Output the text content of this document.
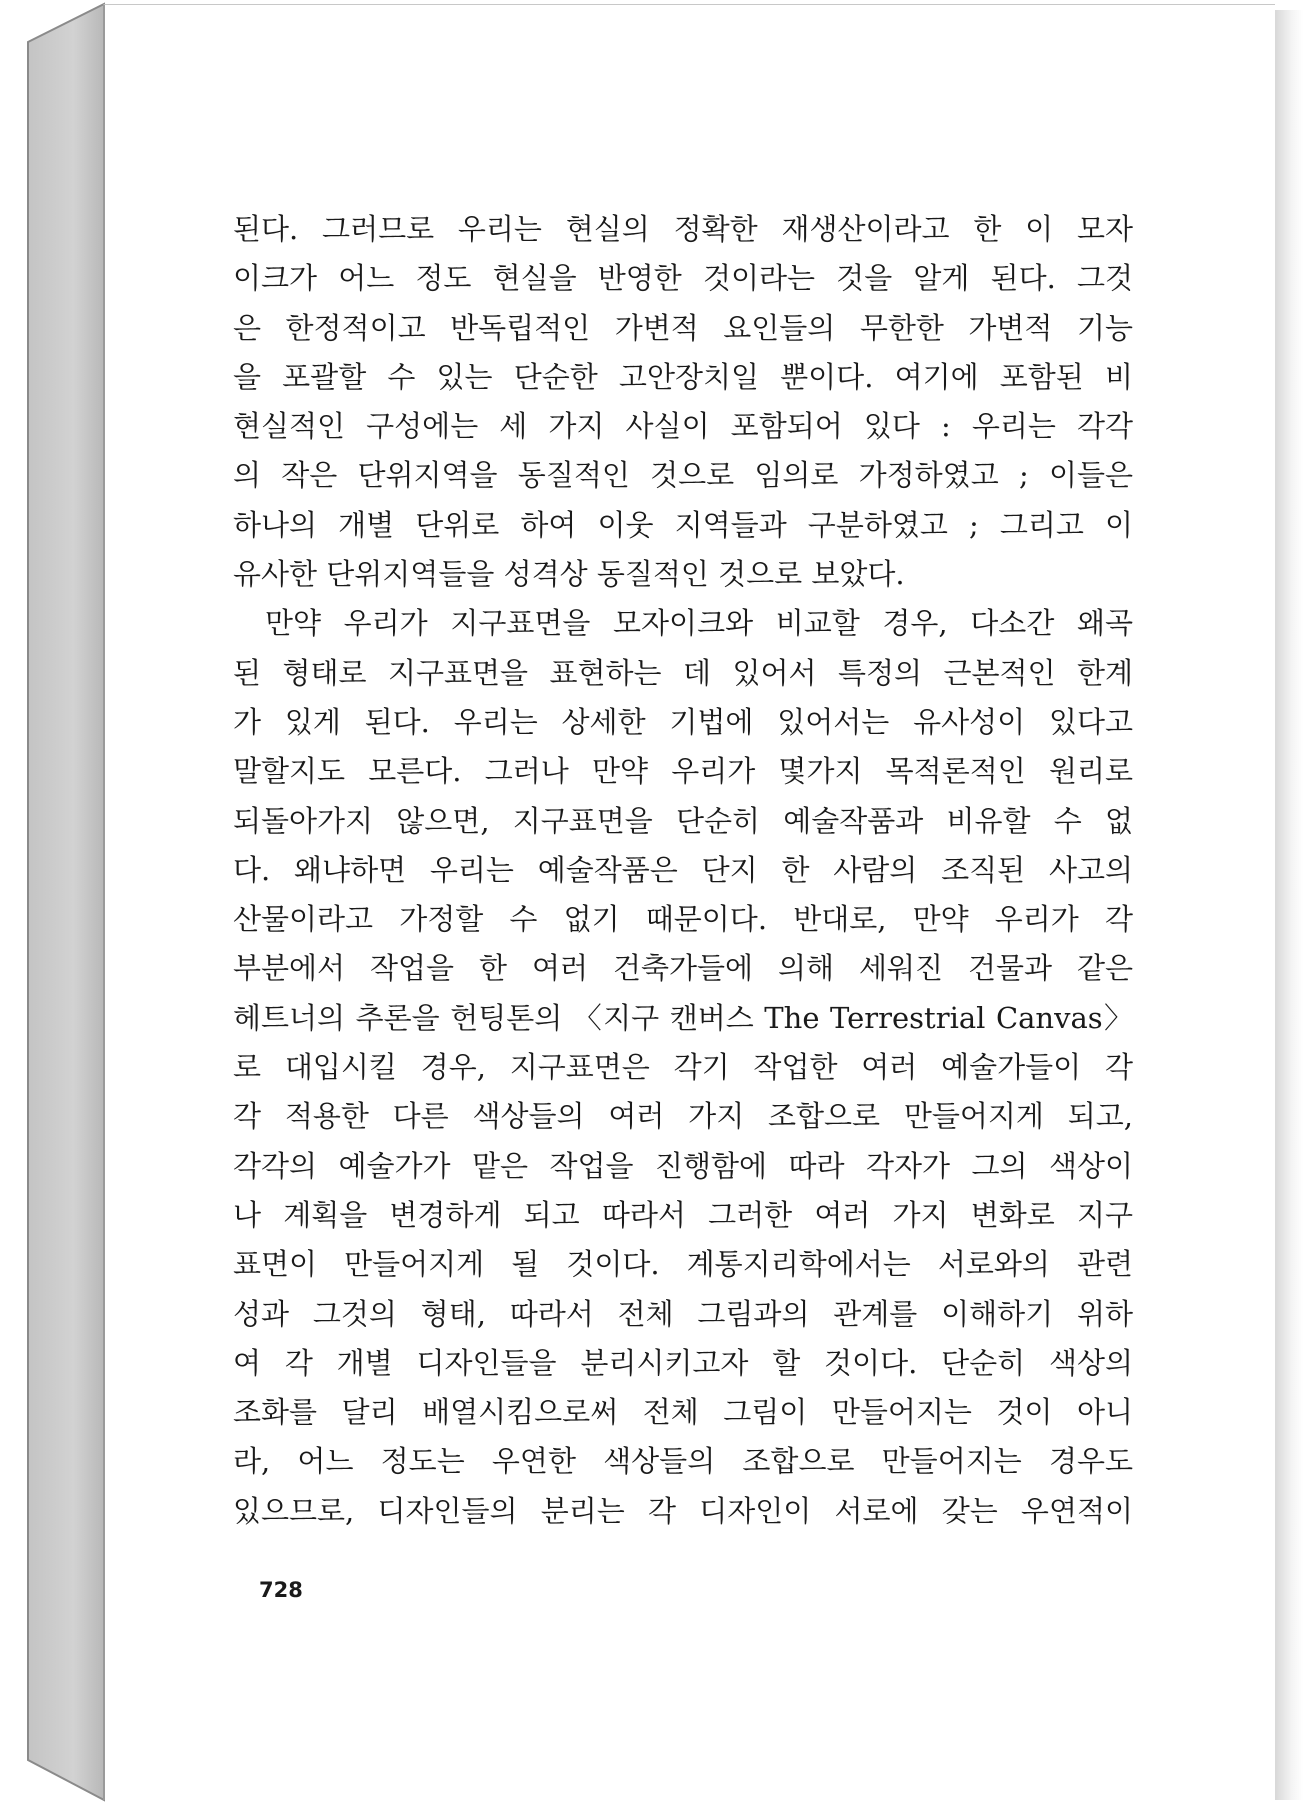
된다. 그러므로 우리는 현실의 정확한 재생산이라고 한 이 모자
이크가 어느 정도 현실을 반영한 것이라는 것을 알게 된다. 그것
은 한정적이고 반독립적인 가변적 요인들의 무한한 가변적 기능
을 포괄할 수 있는 단순한 고안장치일 뿐이다. 여기에 포함된 비
현실적인 구성에는 세 가지 사실이 포함되어 있다 : 우리는 각각
의 작은 단위지역을 동질적인 것으로 임의로 가정하였고 ; 이들은
하나의 개별 단위로 하여 이웃 지역들과 구분하였고 ; 그리고 이
유사한 단위지역들을 성격상 동질적인 것으로 보았다.
만약 우리가 지구표면을 모자이크와 비교할 경우, 다소간 왜곡
된 형태로 지구표면을 표현하는 데 있어서 특정의 근본적인 한계
가 있게 된다. 우리는 상세한 기법에 있어서는 유사성이 있다고
말할지도 모른다. 그러나 만약 우리가 몇가지 목적론적인 원리로
되돌아가지 않으면, 지구표면을 단순히 예술작품과 비유할 수 없
다. 왜냐하면 우리는 예술작품은 단지 한 사람의 조직된 사고의
산물이라고 가정할 수 없기 때문이다. 반대로, 만약 우리가 각
부분에서 작업을 한 여러 건축가들에 의해 세워진 건물과 같은
헤트너의 추론을 헌팅톤의 〈지구 캔버스 The Terrestrial Canvas〉
로 대입시킬 경우, 지구표면은 각기 작업한 여러 예술가들이 각
각 적용한 다른 색상들의 여러 가지 조합으로 만들어지게 되고,
각각의 예술가가 맡은 작업을 진행함에 따라 각자가 그의 색상이
나 계획을 변경하게 되고 따라서 그러한 여러 가지 변화로 지구
표면이 만들어지게 될 것이다. 계통지리학에서는 서로와의 관련
성과 그것의 형태, 따라서 전체 그림과의 관계를 이해하기 위하
여 각 개별 디자인들을 분리시키고자 할 것이다. 단순히 색상의
조화를 달리 배열시킴으로써 전체 그림이 만들어지는 것이 아니
라, 어느 정도는 우연한 색상들의 조합으로 만들어지는 경우도
있으므로, 디자인들의 분리는 각 디자인이 서로에 갖는 우연적이
728
